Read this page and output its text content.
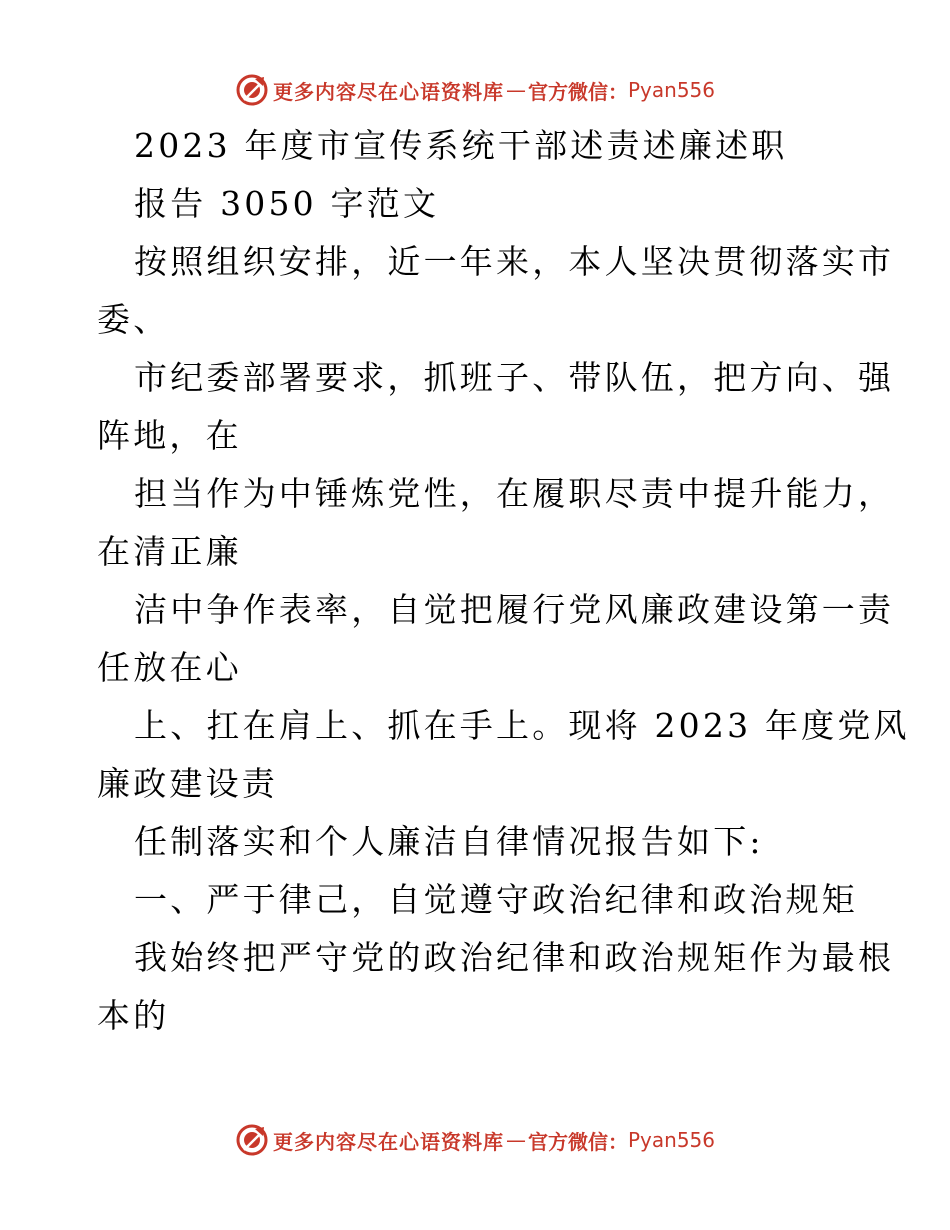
更多内容尽在心语资料库 — 官方微信： Pyan556
2023 年度市宣传系统干部述责述廉述职
报告 3050 字范文
按照组织安排，近一年来，本人坚决贯彻落实市
委、
市纪委部署要求，抓班子、带队伍，把方向、强
阵地，在
担当作为中锤炼党性，在履职尽责中提升能力，
在清正廉
洁中争作表率，自觉把履行党风廉政建设第一责
任放在心
上、扛在肩上、抓在手上。现将 2023 年度党风
廉政建设责
任制落实和个人廉洁自律情况报告如下:
一、严于律己，自觉遵守政治纪律和政治规矩
我始终把严守党的政治纪律和政治规矩作为最根
本的
更多内容尽在心语资料库 — 官方微信： Pyan556
